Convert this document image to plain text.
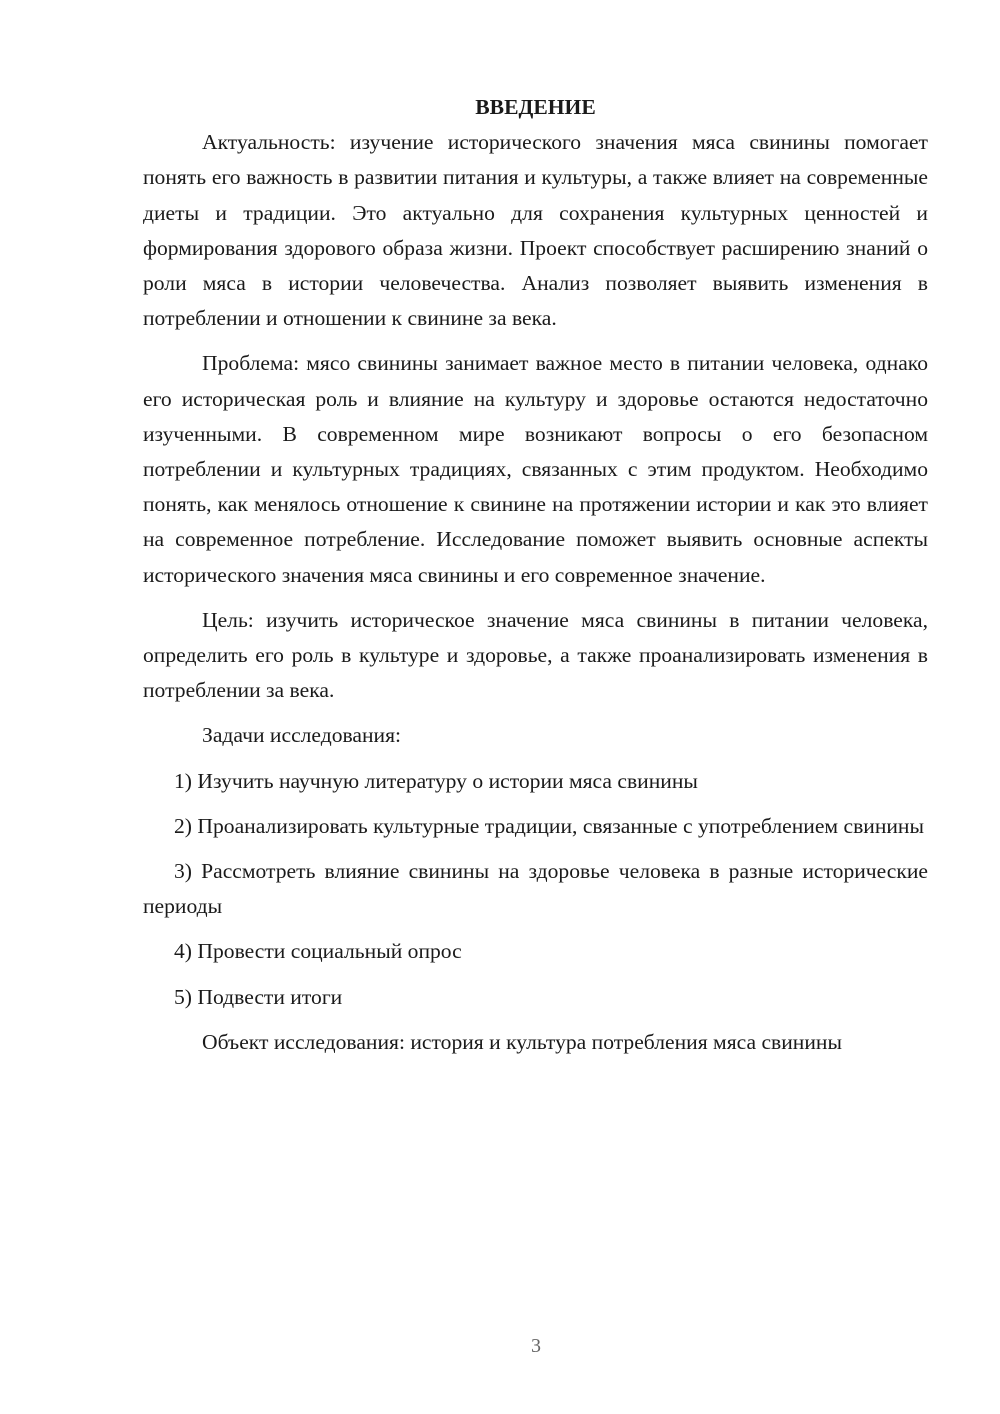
ВВЕДЕНИЕ

Актуальность: изучение исторического значения мяса свинины помогает понять его важность в развитии питания и культуры, а также влияет на современные диеты и традиции. Это актуально для сохранения культурных ценностей и формирования здорового образа жизни. Проект способствует расширению знаний о роли мяса в истории человечества. Анализ позволяет выявить изменения в потреблении и отношении к свинине за века.

Проблема: мясо свинины занимает важное место в питании человека, однако его историческая роль и влияние на культуру и здоровье остаются недостаточно изученными. В современном мире возникают вопросы о его безопасном потреблении и культурных традициях, связанных с этим продуктом. Необходимо понять, как менялось отношение к свинине на протяжении истории и как это влияет на современное потребление. Исследование поможет выявить основные аспекты исторического значения мяса свинины и его современное значение.

Цель: изучить историческое значение мяса свинины в питании человека, определить его роль в культуре и здоровье, а также проанализировать изменения в потреблении за века.

Задачи исследования:

1) Изучить научную литературу о истории мяса свинины

2) Проанализировать культурные традиции, связанные с употреблением свинины

3) Рассмотреть влияние свинины на здоровье человека в разные исторические периоды

4) Провести социальный опрос

5) Подвести итоги

Объект исследования: история и культура потребления мяса свинины

3
